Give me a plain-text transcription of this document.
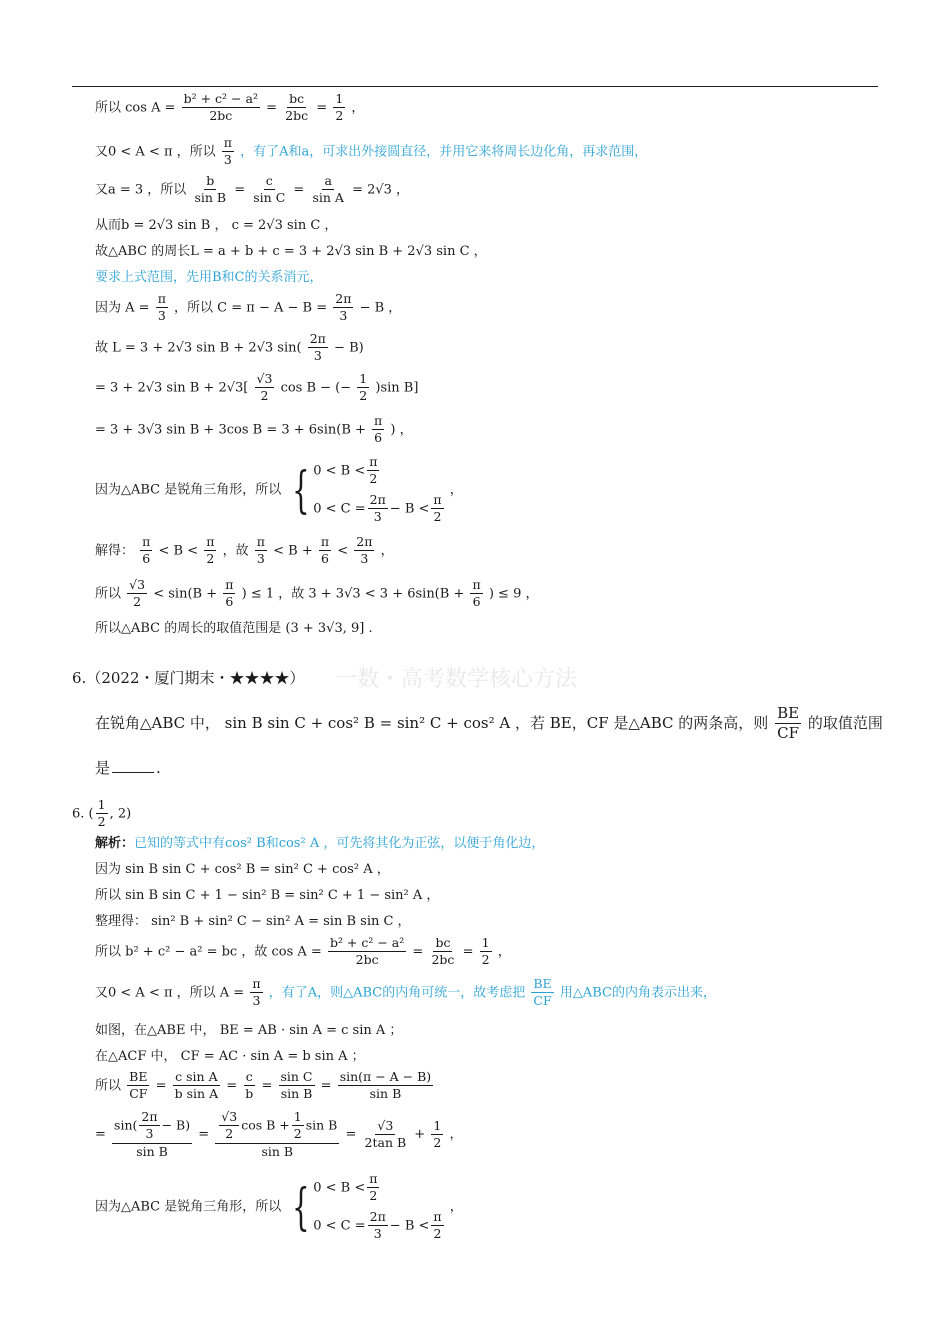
所以 $\cos A = \frac{\text{b² + c² − a²}}{2bc} = \frac{bc}{2bc} = \frac{1}{2}$ ，
又0 < A < π ，所以 $\frac{\pi}{3}$ ，有了A和a，可求出外接圆直径，并用它来将周长边化角，再求范围，
又a = 3 ，所以 $\frac{b}{\text{sin B}} = \frac{c}{\text{sin C}} = \frac{a}{\text{sin A}} = 2√3$ ，
从而b = 2√3 sin B ， c = 2√3 sin C ，
故△ABC 的周长L = a + b + c = 3 + 2√3 sin B + 2√3 sin C ，
要求上式范围，先用B和C的关系消元，
因为 $A = \frac{\pi}{3}$ ，所以 $C = \pi - A - B = \frac{2\pi}{3} - B$ ，
故 L = 3 + 2√3 sin B + 2√3 $\sin( \frac{2\pi}{3} - B)$
= 3 + 2√3 $\sin B + 2√3[ \frac{√3}{2}$ cos B − (− $\frac{1}{2} )\sin$ B]
= 3 + 3√3 sin B + 3cos $B = 3 + 6\sin(B + \frac{\pi}{6}$ ) ，
因为△ABC 是锐角三角形，所以 { $0 < B < \frac{\pi}{2}$
$0 < C = \frac{2\pi}{3} - B < \frac{\pi}{2}$
，
解得： $\frac{\pi}{6} < B < \frac{\pi}{2}$ ，故 $\frac{\pi}{3} < B + \frac{\pi}{6} < \frac{2\pi}{3}$ ，
所以 $\frac{√3}{2} < \sin(B + \frac{\pi}{6}$ ) ≤ 1 ，故 $3 + 3√3 < 3 + 6\sin(B + \frac{\pi}{6}$ ) ≤ 9 ，
所以△ABC 的周长的取值范围是 (3 + 3√3, 9] .
一数・高考数学核心方法
6.（2022・厦门期末・★★★★）
在锐角△ABC 中， sin B sin C + cos² B = sin² C + cos² A ，若 BE，CF 是△ABC 的两条高，则 $\frac{BE}{CF}$ 的取值范围
是	.
6. ( $\frac{1}{2}$ , 2)
解析：已知的等式中有cos² B和cos² A ，可先将其化为正弦，以便于角化边，
因为 sin B sin C + cos² B = sin² C + cos² A ，
所以 sin B sin C + 1 − sin² B = sin² C + 1 − sin² A ，
整理得： sin² B + sin² C − sin² A = sin B sin C ，
所以 b² + c² − a² = bc ，故 $\cos A = \frac{\text{b² + c² − a²}}{2bc} = \frac{bc}{2bc} = \frac{1}{2}$ ，
又0 < A < π ，所以 $A = \frac{\pi}{3}$ ，有了A，则△ABC的内角可统一，故考虑把 $\frac{BE}{CF}$ 用△ABC的内角表示出来，
如图，在△ABE 中， BE = AB · sin A = c sin A ；
在△ACF 中， CF = AC · sin A = b sin A ；
所以 $\frac{BE}{CF} = \frac{\text{c sin A}}{\text{b sin A}} = \frac{c}{b} = \frac{\text{sin C}}{\text{sin B}} = \frac{\sin(\pi - A - B)}{\text{sin B}}$
= $\frac{\sin( \frac{2\pi}{3} - B)}{\text{sin B}} = \frac{\frac{√3}{2} \cos B + \frac{1}{2} \sin B}{\text{sin B}} = \frac{√3}{\text{2tan B}} + \frac{1}{2}$ ，
因为△ABC 是锐角三角形，所以 { $0 < B < \frac{\pi}{2}$
$0 < C = \frac{2\pi}{3} - B < \frac{\pi}{2}$
，
